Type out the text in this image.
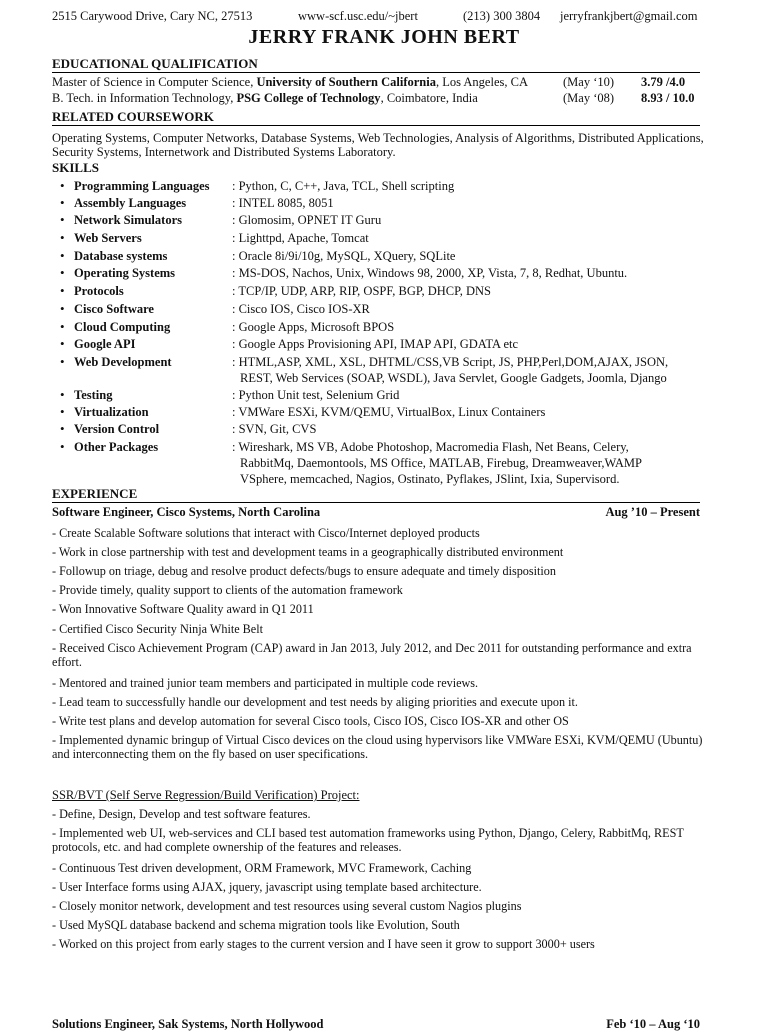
2515 Carywood Drive, Cary NC, 27513	www-scf.usc.edu/~jbert	(213) 300 3804 jerryfrankjbert@gmail.com
JERRY FRANK JOHN BERT
EDUCATIONAL QUALIFICATION
Master of Science in Computer Science, University of Southern California, Los Angeles, CA	(May ‘10) 3.79 /4.0
B. Tech. in Information Technology, PSG College of Technology, Coimbatore, India	(May ‘08) 8.93 / 10.0
RELATED COURSEWORK
Operating Systems, Computer Networks, Database Systems, Web Technologies, Analysis of Algorithms, Distributed Applications, Security Systems, Internetwork and Distributed Systems Laboratory.
SKILLS
• Programming Languages : Python, C, C++, Java, TCL, Shell scripting
• Assembly Languages	: INTEL 8085, 8051
• Network Simulators	: Glomosim, OPNET IT Guru
• Web Servers	: Lighttpd, Apache, Tomcat
• Database systems	: Oracle 8i/9i/10g, MySQL, XQuery, SQLite
• Operating Systems	: MS-DOS, Nachos, Unix, Windows 98, 2000, XP, Vista, 7, 8, Redhat, Ubuntu.
• Protocols	: TCP/IP, UDP, ARP, RIP, OSPF, BGP, DHCP, DNS
• Cisco Software	: Cisco IOS, Cisco IOS-XR
• Cloud Computing	: Google Apps, Microsoft BPOS
• Google API	: Google Apps Provisioning API, IMAP API, GDATA etc
• Web Development	: HTML,ASP, XML, XSL, DHTML/CSS,VB Script, JS, PHP,Perl,DOM,AJAX, JSON,
REST, Web Services (SOAP, WSDL), Java Servlet, Google Gadgets, Joomla, Django
• Testing	: Python Unit test, Selenium Grid
• Virtualization	: VMWare ESXi, KVM/QEMU, VirtualBox, Linux Containers
• Version Control	: SVN, Git, CVS
• Other Packages	: Wireshark, MS VB, Adobe Photoshop, Macromedia Flash, Net Beans, Celery,
RabbitMq, Daemontools, MS Office, MATLAB, Firebug, Dreamweaver,WAMP
VSphere, memcached, Nagios, Ostinato, Pyflakes, JSlint, Ixia, Supervisord.
EXPERIENCE
Software Engineer, Cisco Systems, North Carolina	Aug ’10 – Present
- Create Scalable Software solutions that interact with Cisco/Internet deployed products
- Work in close partnership with test and development teams in a geographically distributed environment
- Followup on triage, debug and resolve product defects/bugs to ensure adequate and timely disposition
- Provide timely, quality support to clients of the automation framework
- Won Innovative Software Quality award in Q1 2011
- Certified Cisco Security Ninja White Belt
- Received Cisco Achievement Program (CAP) award in Jan 2013, July 2012, and Dec 2011 for outstanding performance and extra effort.
- Mentored and trained junior team members and participated in multiple code reviews.
- Lead team to successfully handle our development and test needs by aliging priorities and execute upon it.
- Write test plans and develop automation for several Cisco tools, Cisco IOS, Cisco IOS-XR and other OS
- Implemented dynamic bringup of Virtual Cisco devices on the cloud using hypervisors like VMWare ESXi, KVM/QEMU (Ubuntu) and interconnecting them on the fly based on user specifications.
SSR/BVT (Self Serve Regression/Build Verification) Project:
- Define, Design, Develop and test software features.
- Implemented web UI, web-services and CLI based test automation frameworks using Python, Django, Celery, RabbitMq, REST protocols, etc. and had complete ownership of the features and releases.
- Continuous Test driven development, ORM Framework, MVC Framework, Caching
- User Interface forms using AJAX, jquery, javascript using template based architecture.
- Closely monitor network, development and test resources using several custom Nagios plugins
- Used MySQL database backend and schema migration tools like Evolution, South
- Worked on this project from early stages to the current version and I have seen it grow to support 3000+ users
Solutions Engineer, Sak Systems, North Hollywood	Feb ‘10 – Aug ‘10
